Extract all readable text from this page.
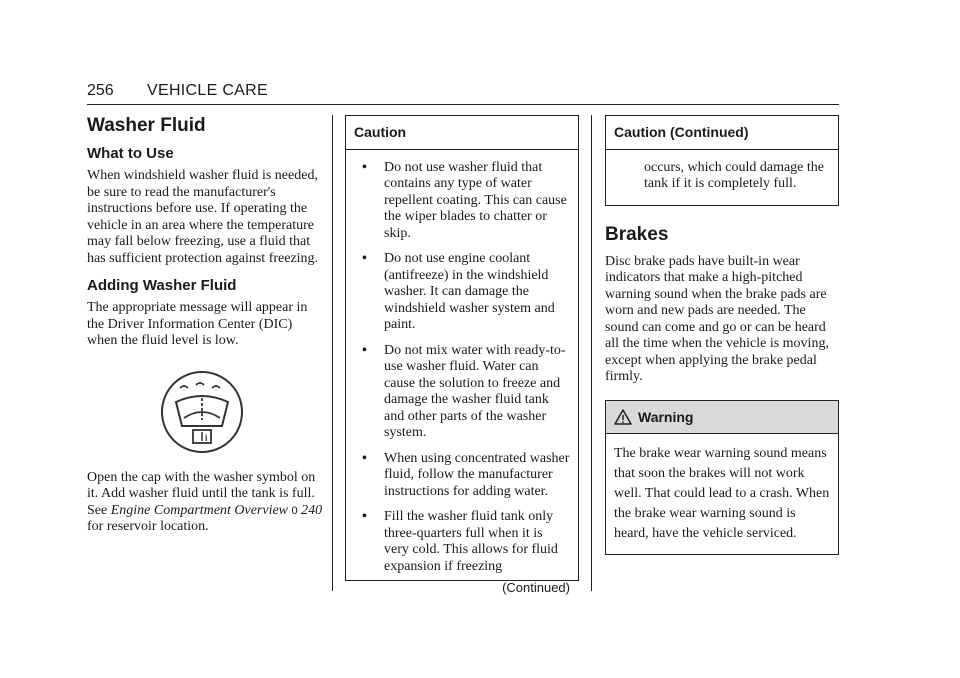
256 VEHICLE CARE
Washer Fluid
What to Use

When windshield washer fluid is needed, be sure to read the manufacturer's instructions before use. If operating the vehicle in an area where the temperature may fall below freezing, use a fluid that has sufficient protection against freezing.

Adding Washer Fluid

The appropriate message will appear in the Driver Information Center (DIC) when the fluid level is low.

i

Open the cap with the washer symbol on it. Add washer fluid until the tank is full. See Engine Compartment Overview 0 240 for reservoir location.

Caution
• Do not use washer fluid that contains any type of water repellent coating. This can cause the wiper blades to chatter or skip.
• Do not use engine coolant (antifreeze) in the windshield washer. It can damage the windshield washer system and paint.
• Do not mix water with ready-to-use washer fluid. Water can cause the solution to freeze and damage the washer fluid tank and other parts of the washer system.
• When using concentrated washer fluid, follow the manufacturer instructions for adding water.
• Fill the washer fluid tank only three-quarters full when it is very cold. This allows for fluid expansion if freezing
(Continued)
Caution (Continued)

occurs, which could damage the tank if it is completely full.

Brakes

Disc brake pads have built-in wear indicators that make a high-pitched warning sound when the brake pads are worn and new pads are needed. The sound can come and go or can be heard all the time when the vehicle is moving, except when applying the brake pedal firmly.

Warning

The brake wear warning sound means that soon the brakes will not work well. That could lead to a crash. When the brake wear warning sound is heard, have the vehicle serviced.
